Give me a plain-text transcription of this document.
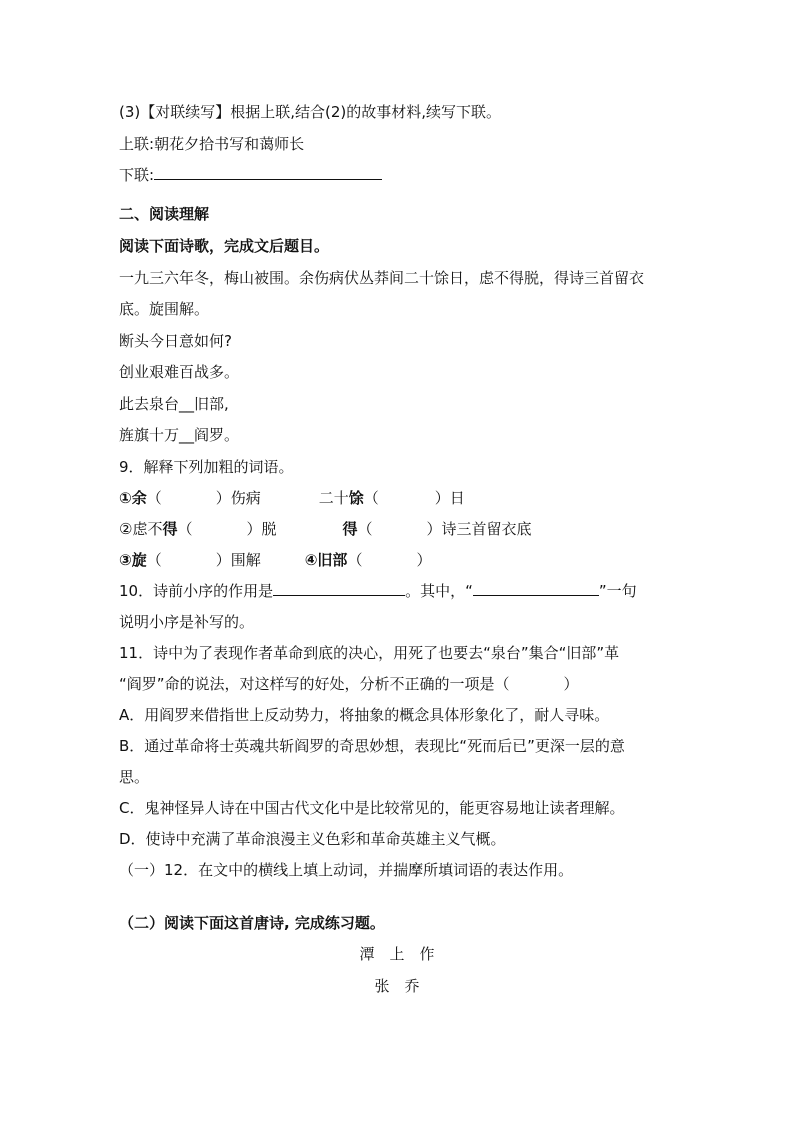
(3)【对联续写】根据上联,结合(2)的故事材料,续写下联。
上联:朝花夕拾书写和蔼师长
下联:
二、阅读理解
阅读下面诗歌，完成文后题目。
一九三六年冬，梅山被围。余伤病伏丛莽间二十馀日，虑不得脱，得诗三首留衣
底。旋围解。
断头今日意如何?
创业艰难百战多。
此去泉台__旧部,
旌旗十万__阎罗。
9．解释下列加粗的词语。
①余（	）伤病	二十馀（	）日
②虑不得（	）脱	得（	）诗三首留衣底
③旋（	）围解	④旧部（	）
10．诗前小序的作用是	。其中，“	”一句
说明小序是补写的。
11．诗中为了表现作者革命到底的决心，用死了也要去“泉台”集合“旧部”革
“阎罗”命的说法，对这样写的好处，分析不正确的一项是（	）
A．用阎罗来借指世上反动势力，将抽象的概念具体形象化了，耐人寻味。
B．通过革命将士英魂共斩阎罗的奇思妙想，表现比“死而后已”更深一层的意
思。
C．鬼神怪异人诗在中国古代文化中是比较常见的，能更容易地让读者理解。
D．使诗中充满了革命浪漫主义色彩和革命英雄主义气概。
（一）12．在文中的横线上填上动词，并揣摩所填词语的表达作用。
（二）阅读下面这首唐诗, 完成练习题。
潭　上　作
张　乔
